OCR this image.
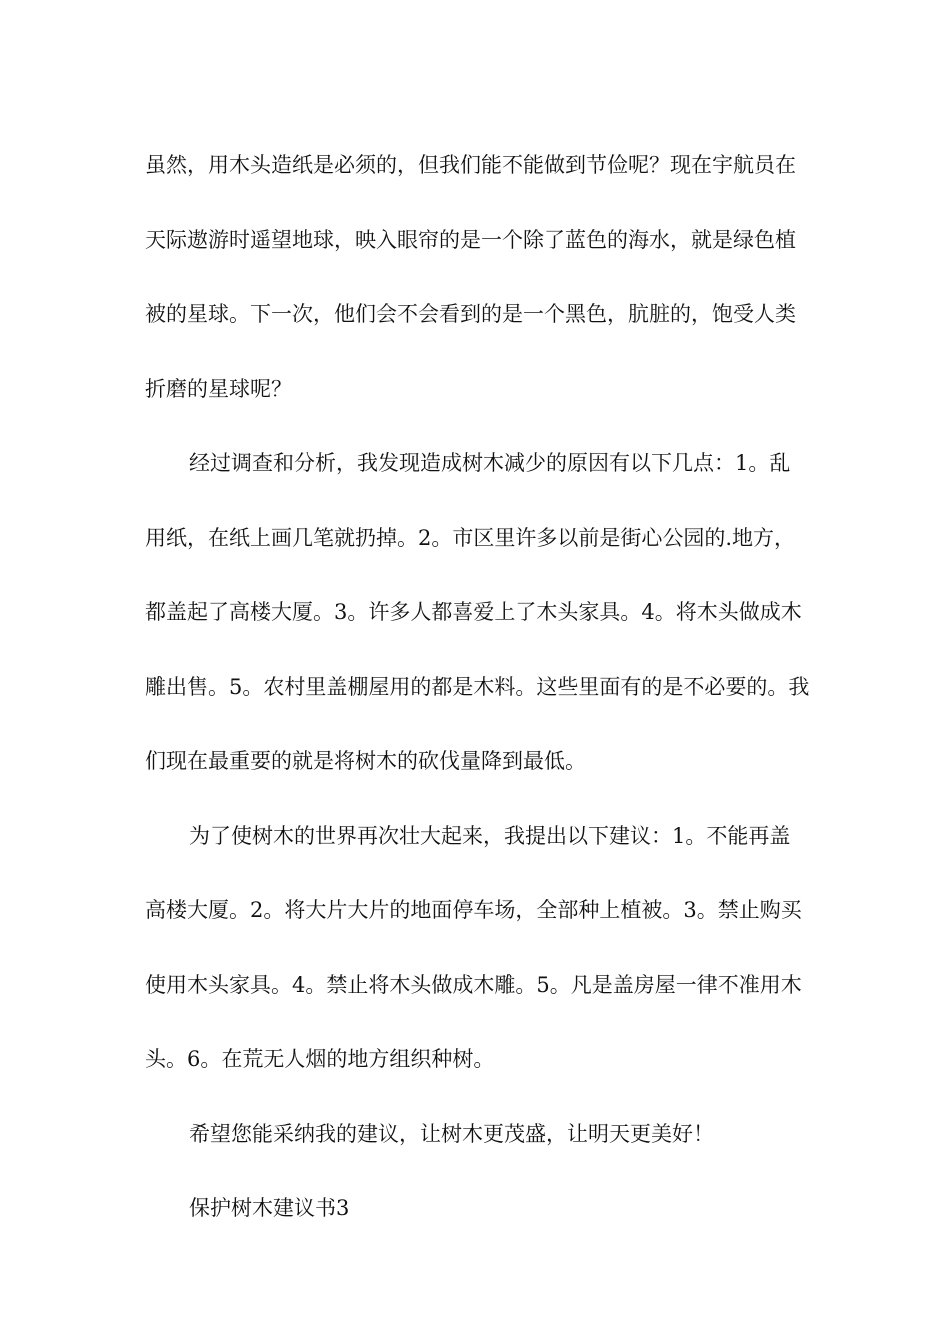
虽然，用木头造纸是必须的，但我们能不能做到节俭呢？现在宇航员在天际遨游时遥望地球，映入眼帘的是一个除了蓝色的海水，就是绿色植被的星球。下一次，他们会不会看到的是一个黑色，肮脏的，饱受人类折磨的星球呢？

经过调查和分析，我发现造成树木减少的原因有以下几点：1。乱用纸，在纸上画几笔就扔掉。2。市区里许多以前是街心公园的.地方，都盖起了高楼大厦。3。许多人都喜爱上了木头家具。4。将木头做成木雕出售。5。农村里盖棚屋用的都是木料。这些里面有的是不必要的。我们现在最重要的就是将树木的砍伐量降到最低。

为了使树木的世界再次壮大起来，我提出以下建议：1。不能再盖高楼大厦。2。将大片大片的地面停车场，全部种上植被。3。禁止购买使用木头家具。4。禁止将木头做成木雕。5。凡是盖房屋一律不准用木头。6。在荒无人烟的地方组织种树。

希望您能采纳我的建议，让树木更茂盛，让明天更美好！

保护树木建议书3
